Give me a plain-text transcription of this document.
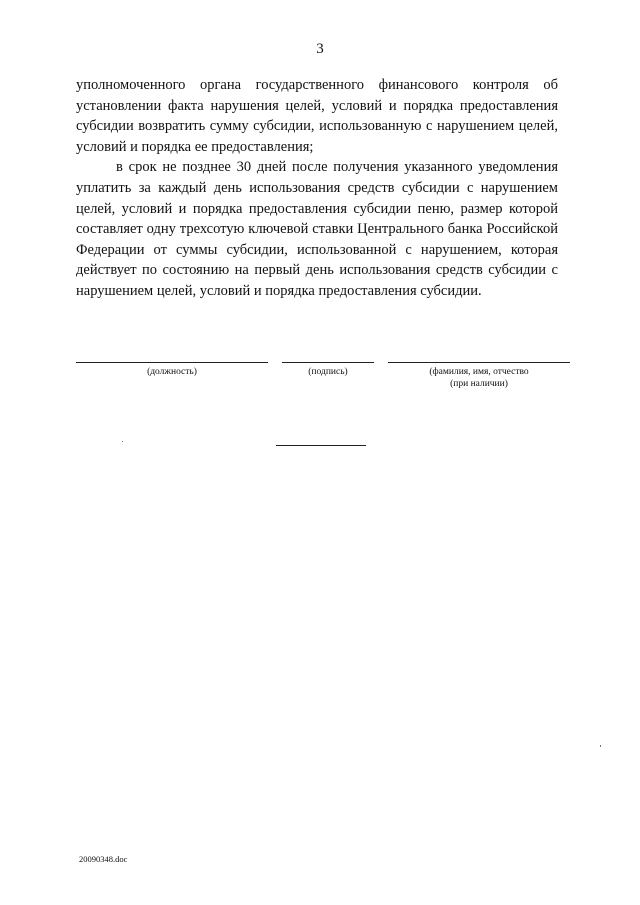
3

уполномоченного органа государственного финансового контроля об установлении факта нарушения целей, условий и порядка предоставления субсидии возвратить сумму субсидии, использованную с нарушением целей, условий и порядка ее предоставления;

в срок не позднее 30 дней после получения указанного уведомления уплатить за каждый день использования средств субсидии с нарушением целей, условий и порядка предоставления субсидии пеню, размер которой составляет одну трехсотую ключевой ставки Центрального банка Российской Федерации от суммы субсидии, использованной с нарушением, которая действует по состоянию на первый день использования средств субсидии с нарушением целей, условий и порядка предоставления субсидии.

(должность)	(подпись)	(фамилия, имя, отчество
(при наличии)
20090348.doc
